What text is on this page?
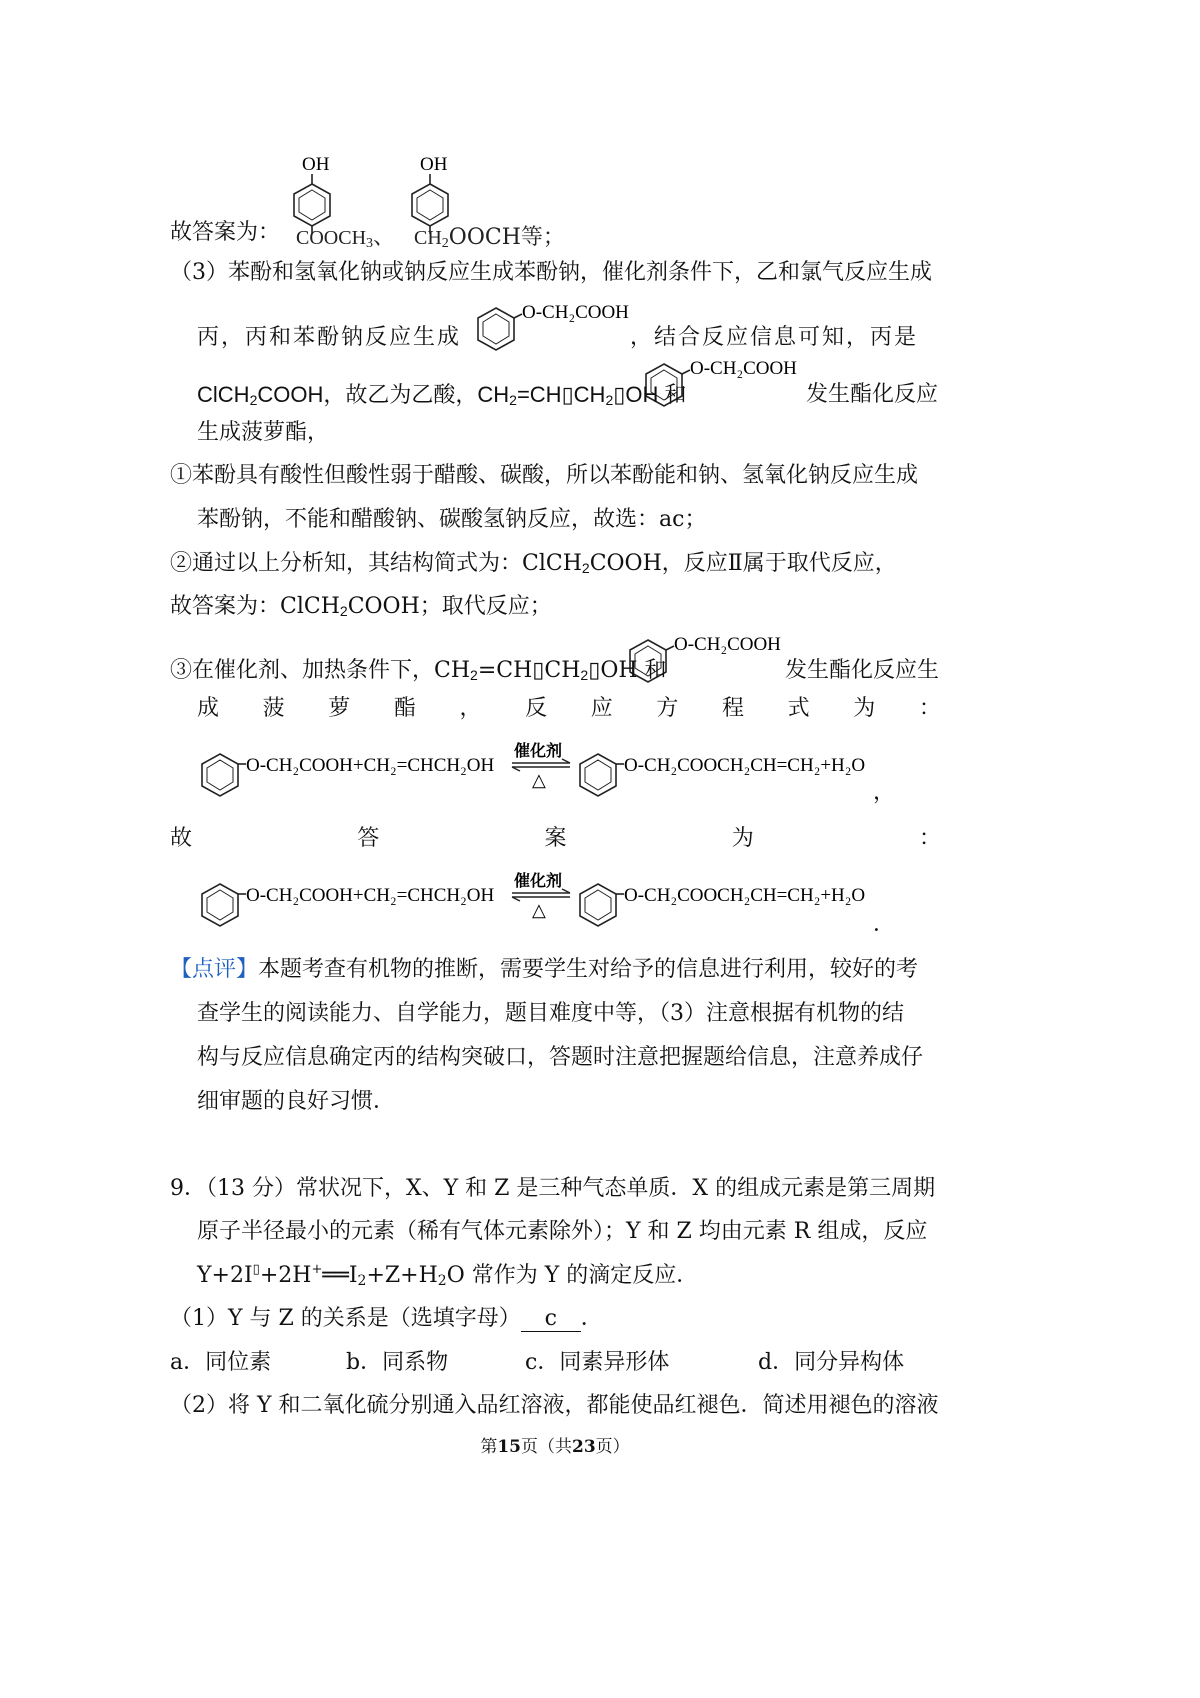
OH	OH
故答案为： $COOCH_3$、 $CH_2OOCH$等；
（3）苯酚和氢氧化钠或钠反应生成苯酚钠，催化剂条件下，乙和氯气反应生成
O-CH₂COOH
丙，丙和苯酚钠反应生成	，结合反应信息可知，丙是
O-CH₂COOH
ClCH$_2$COOH，故乙为乙酸，$CH_2=CH▯CH_2▯OH$ 和	发生酯化反应
生成菠萝酯，
①苯酚具有酸性但酸性弱于醋酸、碳酸，所以苯酚能和钠、氢氧化钠反应生成
苯酚钠，不能和醋酸钠、碳酸氢钠反应，故选：ac；
②通过以上分析知，其结构简式为：ClCH$_2$COOH，反应Ⅱ属于取代反应，
故答案为：ClCH$_2$COOH；取代反应；
O-CH₂COOH
③在催化剂、加热条件下，$CH_2=CH▯CH_2▯OH$ 和	发生酯化反应生
成 菠 萝 酯 ， 反 应 方 程 式 为 ：
O-CH₂COOH+CH₂=CHCH₂OH
催化剂
△
O-CH₂COOCH₂CH=CH₂+H₂O
，
故	答	案	为	：
O-CH₂COOH+CH₂=CHCH₂OH
催化剂
△
O-CH₂COOCH₂CH=CH₂+H₂O
．
【点评】本题考查有机物的推断，需要学生对给予的信息进行利用，较好的考
查学生的阅读能力、自学能力，题目难度中等，（3）注意根据有机物的结
构与反应信息确定丙的结构突破口，答题时注意把握题给信息，注意养成仔
细审题的良好习惯．
9．（13 分）常状况下，X、Y 和 Z 是三种气态单质．X 的组成元素是第三周期
原子半径最小的元素（稀有气体元素除外）；Y 和 Z 均由元素 R 组成，反应
$Y+2I^▯+2H^+══I_2+Z+H_2O$ 常作为 Y 的滴定反应．
（1）Y 与 Z 的关系是（选填字母） c ．
a．同位素	b．同系物	c．同素异形体	d．同分异构体
（2）将 Y 和二氧化硫分别通入品红溶液，都能使品红褪色．简述用褪色的溶液
第15页（共23页）
